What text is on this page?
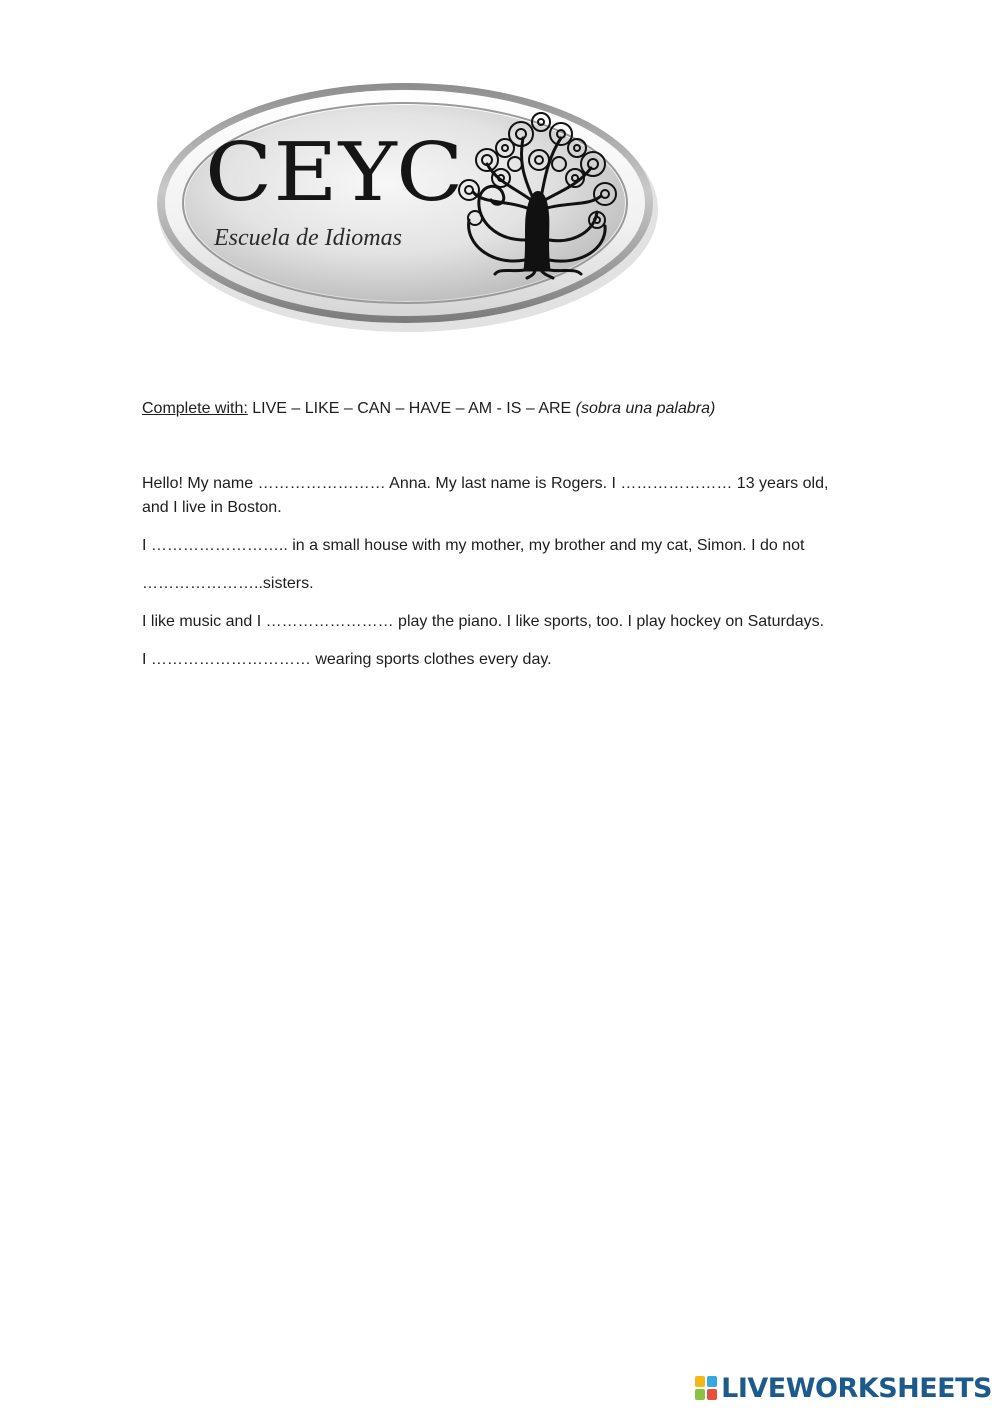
CEYC
Escuela de Idiomas

Complete with: LIVE – LIKE – CAN – HAVE – AM - IS – ARE (sobra una palabra)

Hello! My name …………………… Anna. My last name is Rogers. I ………………… 13 years old, and I live in Boston.

I …………………….. in a small house with my mother, my brother and my cat, Simon. I do not

…………………..sisters.

I like music and I …………………… play the piano. I like sports, too. I play hockey on Saturdays.

I ………………………… wearing sports clothes every day.

LIVEWORKSHEETS
